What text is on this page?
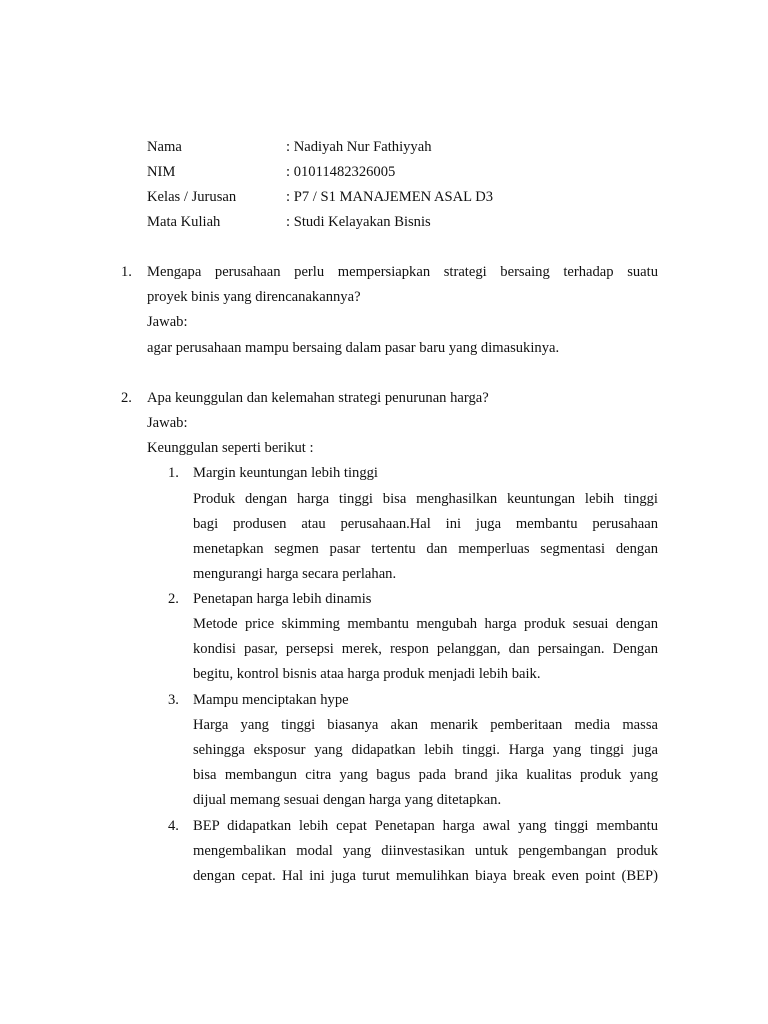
Nama	: Nadiyah Nur Fathiyyah
NIM	: 01011482326005
Kelas / Jurusan	: P7 / S1 MANAJEMEN ASAL D3
Mata Kuliah	: Studi Kelayakan Bisnis
1. Mengapa perusahaan perlu mempersiapkan strategi bersaing terhadap suatu
proyek binis yang direncanakannya?
Jawab:
agar perusahaan mampu bersaing dalam pasar baru yang dimasukinya.
2. Apa keunggulan dan kelemahan strategi penurunan harga?
Jawab:
Keunggulan seperti berikut :
1. Margin keuntungan lebih tinggi
Produk dengan harga tinggi bisa menghasilkan keuntungan lebih tinggi
bagi produsen atau perusahaan.Hal ini juga membantu perusahaan
menetapkan segmen pasar tertentu dan memperluas segmentasi dengan
mengurangi harga secara perlahan.
2. Penetapan harga lebih dinamis
Metode price skimming membantu mengubah harga produk sesuai dengan
kondisi pasar, persepsi merek, respon pelanggan, dan persaingan. Dengan
begitu, kontrol bisnis ataa harga produk menjadi lebih baik.
3. Mampu menciptakan hype
Harga yang tinggi biasanya akan menarik pemberitaan media massa
sehingga eksposur yang didapatkan lebih tinggi. Harga yang tinggi juga
bisa membangun citra yang bagus pada brand jika kualitas produk yang
dijual memang sesuai dengan harga yang ditetapkan.
4. BEP didapatkan lebih cepat Penetapan harga awal yang tinggi membantu
mengembalikan modal yang diinvestasikan untuk pengembangan produk
dengan cepat. Hal ini juga turut memulihkan biaya break even point (BEP)
